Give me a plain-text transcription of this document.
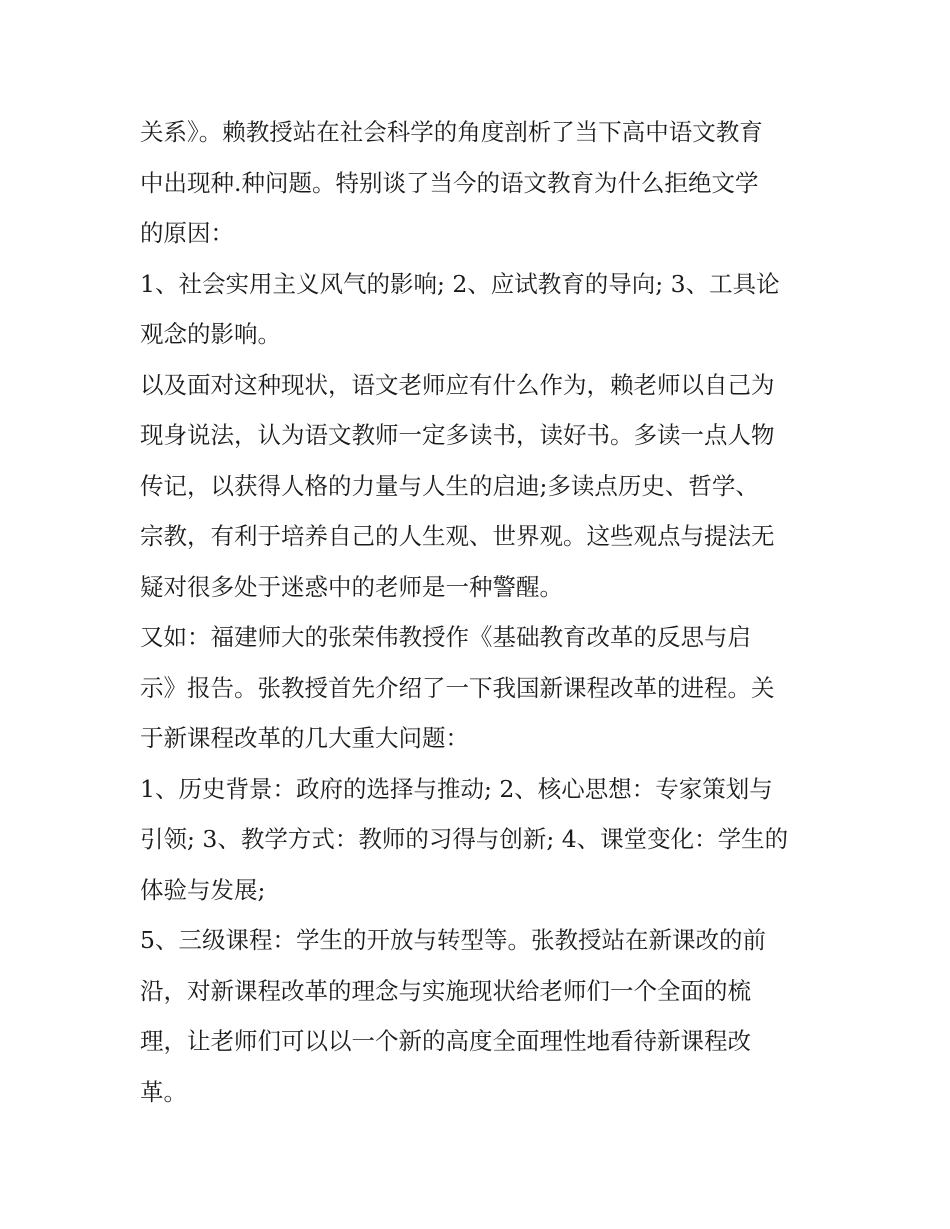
关系》。赖教授站在社会科学的角度剖析了当下高中语文教育
中出现种.种问题。特别谈了当今的语文教育为什么拒绝文学
的原因：

1、社会实用主义风气的影响; 2、应试教育的导向; 3、工具论
观念的影响。

以及面对这种现状，语文老师应有什么作为，赖老师以自己为
现身说法，认为语文教师一定多读书，读好书。多读一点人物
传记，以获得人格的力量与人生的启迪;多读点历史、哲学、
宗教，有利于培养自己的人生观、世界观。这些观点与提法无
疑对很多处于迷惑中的老师是一种警醒。

又如：福建师大的张荣伟教授作《基础教育改革的反思与启
示》报告。张教授首先介绍了一下我国新课程改革的进程。关
于新课程改革的几大重大问题：

1、历史背景：政府的选择与推动; 2、核心思想：专家策划与
引领; 3、教学方式：教师的习得与创新; 4、课堂变化：学生的
体验与发展;

5、三级课程：学生的开放与转型等。张教授站在新课改的前
沿，对新课程改革的理念与实施现状给老师们一个全面的梳
理，让老师们可以以一个新的高度全面理性地看待新课程改
革。
